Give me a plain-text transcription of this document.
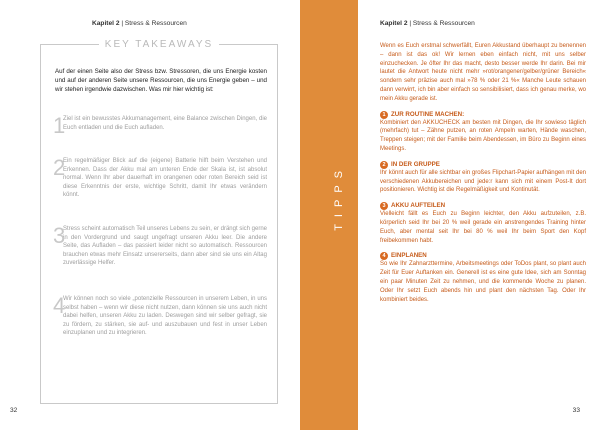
Kapitel 2 | Stress & Ressourcen
KEY TAKEAWAYS
Auf der einen Seite also der Stress bzw. Stressoren, die uns Energie kosten und auf der anderen Seite unsere Ressourcen, die uns Energie geben – und wir stehen irgendwie dazwischen. Was mir hier wichtig ist:
1
Ziel ist ein bewusstes Akkumanagement, eine Balance zwischen Dingen, die Euch entladen und die Euch aufladen.
2
Ein regelmäßiger Blick auf die (eigene) Batterie hilft beim Verstehen und Erkennen. Dass der Akku mal am unteren Ende der Skala ist, ist absolut normal. Wenn Ihr aber dauerhaft im orangenen oder roten Bereich seid ist diese Erkenntnis der erste, wichtige Schritt, damit Ihr etwas verändern könnt.
3
Stress scheint automatisch Teil unseres Lebens zu sein, er drängt sich gerne in den Vordergrund und saugt ungefragt unseren Akku leer. Die andere Seite, das Aufladen – das passiert leider nicht so automatisch. Ressourcen brauchen etwas mehr Einsatz unsererseits, dann aber sind sie uns ein Altag zuverlässige Helfer.
4
Wir können noch so viele „potenzielle Ressourcen in unserem Leben, in uns selbst haben – wenn wir diese nicht nutzen, dann können sie uns auch nicht dabei helfen, unseren Akku zu laden. Deswegen sind wir selber gefragt, sie zu fördern, zu stärken, sie auf- und auszubauen und fest in unser Leben einzuplanen und zu integrieren.
32
TIPPS
Kapitel 2 | Stress & Ressourcen
Wenn es Euch erstmal schwerfällt, Euren Akkustand überhaupt zu benennen – dann ist das ok! Wir lernen eben einfach nicht, mit uns selber einzuchecken. Je öfter Ihr das macht, desto besser werde Ihr darin. Bei mir lautet die Antwort heute nicht mehr »rot/orangener/gelber/grüner Bereich« sondern sehr präzise auch mal »78 % oder 21 %« Manche Leute schauen dann verwirrt, ich bin aber einfach so sensibilisiert, dass ich genau merke, wo mein Akku gerade ist.
1 ZUR ROUTINE MACHEN:
Kombiniert den AKKUCHECK am besten mit Dingen, die Ihr sowieso täglich (mehrfach) tut – Zähne putzen, an roten Ampeln warten, Hände waschen, Treppen steigen; mit der Familie beim Abendessen, im Büro zu Beginn eines Meetings.
2 IN DER GRUPPE
Ihr könnt auch für alle sichtbar ein großes Flipchart-Papier aufhängen mit den verschiedenen Akkubereichen und jede:r kann sich mit einem Post-It dort positionieren. Wichtig ist die Regelmäßigkeit und Kontinutät.
3 AKKU AUFTEILEN
Vielleicht fällt es Euch zu Beginn leichter, den Akku aufzuteilen, z.B. körperlich seid Ihr bei 20 % weil gerade ein anstrengendes Training hinter Euch, aber mental seit Ihr bei 80 % weil Ihr beim Sport den Kopf freibekommen habt.
4 EINPLANEN
So wie Ihr Zahnarzttermine, Arbeitsmeetings oder ToDos plant, so plant auch Zeit für Euer Auftanken ein. Generell ist es eine gute Idee, sich am Sonntag ein paar Minuten Zeit zu nehmen, und die kommende Woche zu planen. Oder Ihr setzt Euch abends hin und plant den nächsten Tag. Oder Ihr kombiniert beides.
33
